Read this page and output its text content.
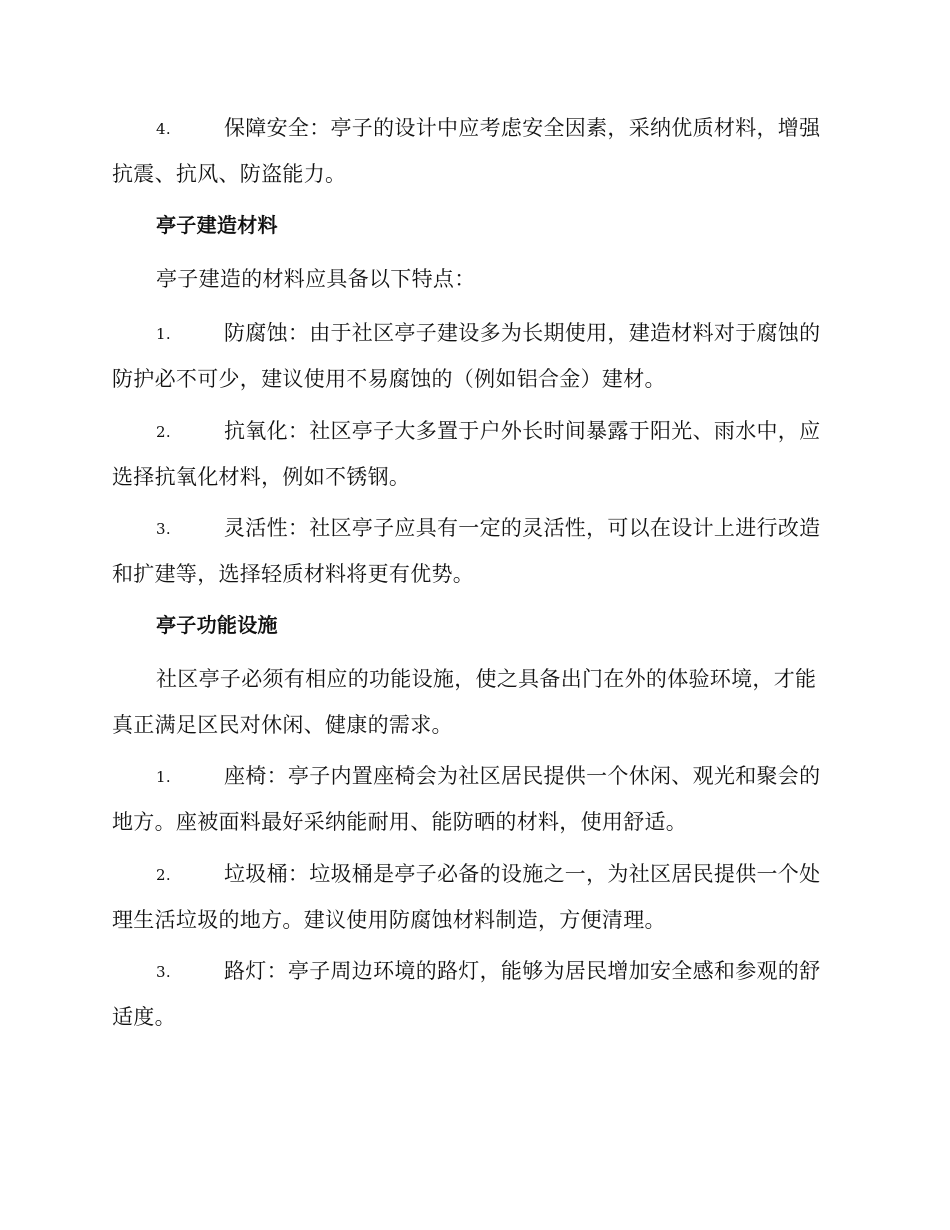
4.	保障安全：亭子的设计中应考虑安全因素，采纳优质材料，增强
抗震、抗风、防盗能力。
亭子建造材料
亭子建造的材料应具备以下特点：
1.	防腐蚀：由于社区亭子建设多为长期使用，建造材料对于腐蚀的
防护必不可少，建议使用不易腐蚀的（例如铝合金）建材。
2.	抗氧化：社区亭子大多置于户外长时间暴露于阳光、雨水中，应
选择抗氧化材料，例如不锈钢。
3.	灵活性：社区亭子应具有一定的灵活性，可以在设计上进行改造
和扩建等，选择轻质材料将更有优势。
亭子功能设施
社区亭子必须有相应的功能设施，使之具备出门在外的体验环境，才能
真正满足区民对休闲、健康的需求。
1.	座椅：亭子内置座椅会为社区居民提供一个休闲、观光和聚会的
地方。座被面料最好采纳能耐用、能防晒的材料，使用舒适。
2.	垃圾桶：垃圾桶是亭子必备的设施之一，为社区居民提供一个处
理生活垃圾的地方。建议使用防腐蚀材料制造，方便清理。
3.	路灯：亭子周边环境的路灯，能够为居民增加安全感和参观的舒
适度。
